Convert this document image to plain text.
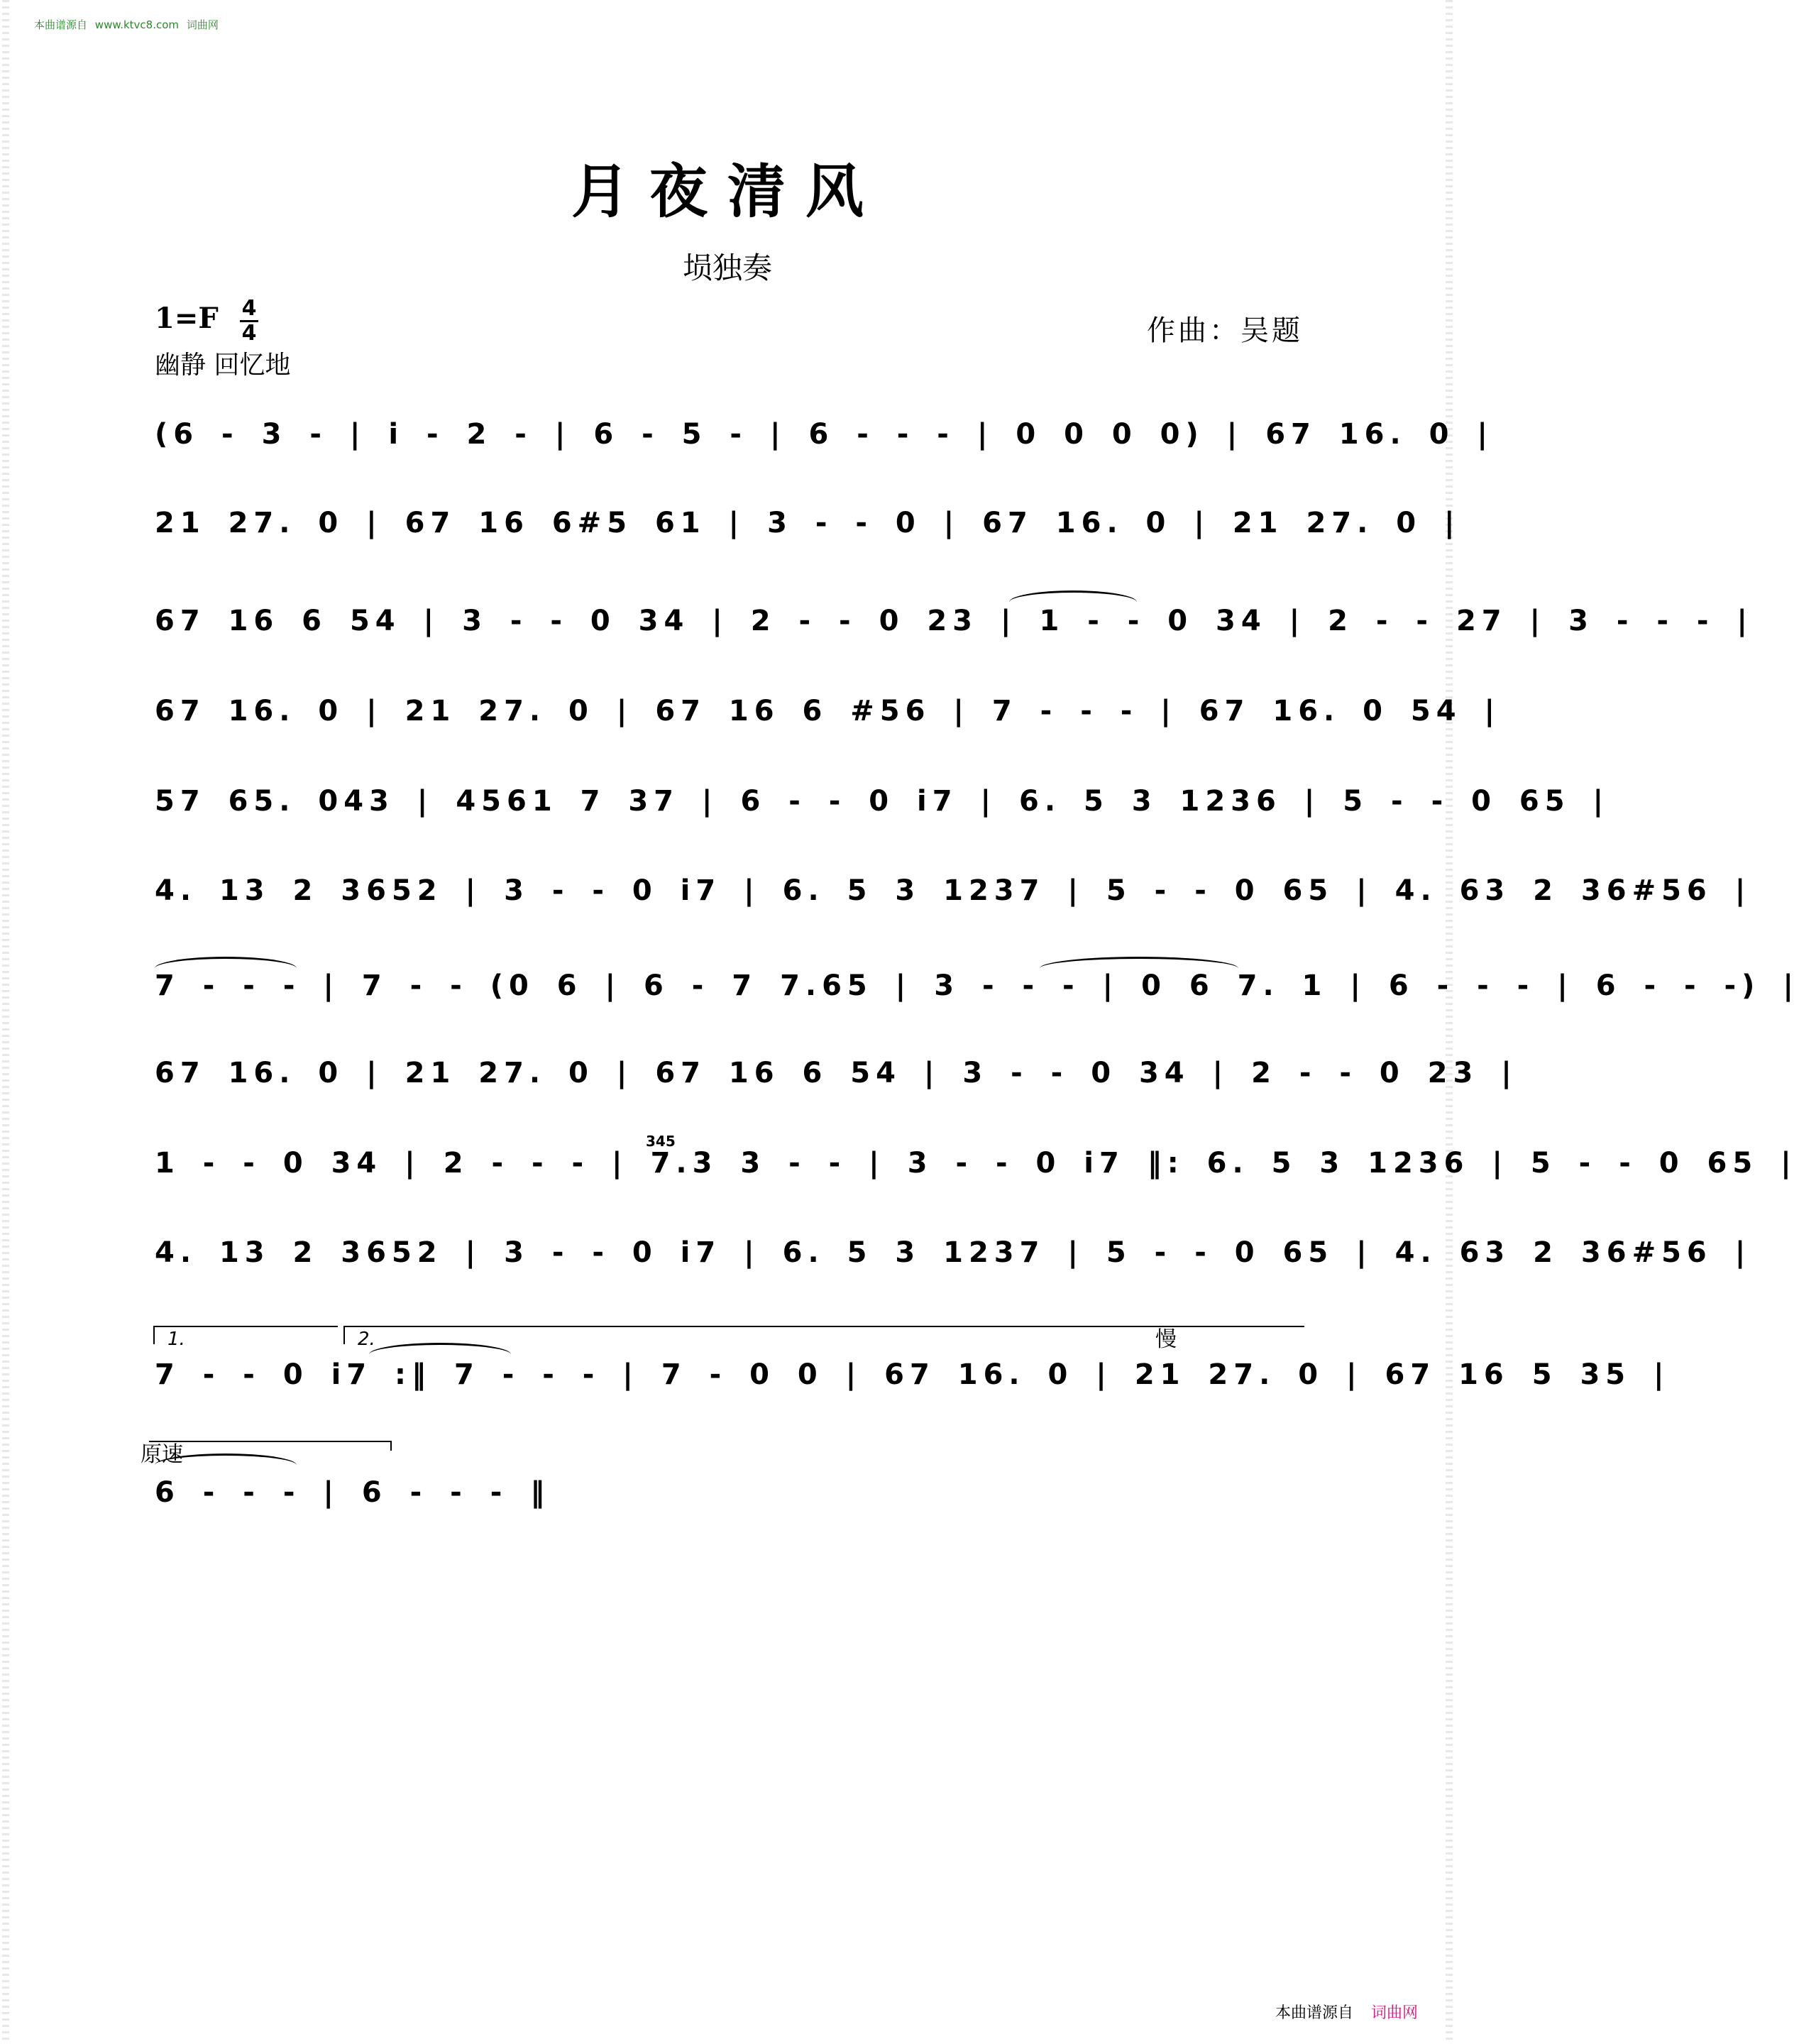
本曲谱源自 www.ktvc8.com 词曲网
月夜清风
埙独奏
1=F 4
4
幽静 回忆地
作曲：吴题
(6 - 3 - | i - 2 - | 6 - 5 - | 6 - - - | 0 0 0 0) | 67 16. 0 |
21 27. 0 | 67 16 6#5 61 | 3 - - 0 | 67 16. 0 | 21 27. 0 |
67 16 6 54 | 3 - - 0 34 | 2 - - 0 23 | 1 - - 0 34 | 2 - - 27 | 3 - - - |
67 16. 0 | 21 27. 0 | 67 16 6 #56 | 7 - - - | 67 16. 0 54 |
57 65. 043 | 4561 7 37 | 6 - - 0 i7 | 6. 5 3 1236 | 5 - - 0 65 |
4. 13 2 3652 | 3 - - 0 i7 | 6. 5 3 1237 | 5 - - 0 65 | 4. 63 2 36#56 |
7 - - - | 7 - - (0 6 | 6 - 7 7.65 | 3 - - - | 0 6 7. 1 | 6 - - - | 6 - - -) |
67 16. 0 | 21 27. 0 | 67 16 6 54 | 3 - - 0 34 | 2 - - 0 23 |
1 - - 0 34 | 2 - - - | 7.3 3 - - | 3 - - 0 i7 ‖: 6. 5 3 1236 | 5 - - 0 65 |
345
4. 13 2 3652 | 3 - - 0 i7 | 6. 5 3 1237 | 5 - - 0 65 | 4. 63 2 36#56 |
1.	2.	慢
7 - - 0 i7 :‖ 7 - - - | 7 - 0 0 | 67 16. 0 | 21 27. 0 | 67 16 5 35 |
原速
6 - - - | 6 - - - ‖
本曲谱源自 词曲网
